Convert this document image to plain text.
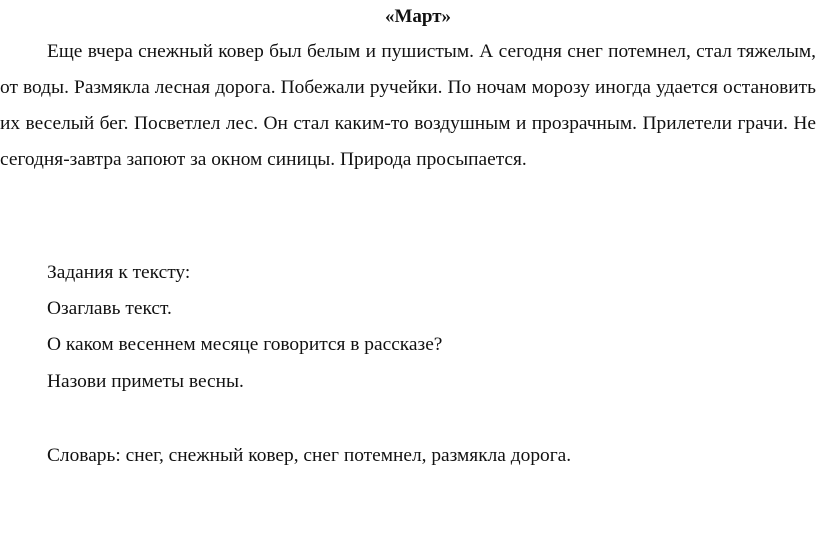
«Март»

Еще вчера снежный ковер был белым и пушистым. А сегодня снег потемнел, стал тяжелым, от воды. Размякла лесная дорога. Побежали ручейки. По ночам морозу иногда удается остановить их веселый бег. Посветлел лес. Он стал каким-то воздушным и прозрачным. Прилетели грачи. Не сегодня-завтра запоют за окном синицы. Природа просыпается.

Задания к тексту:
Озаглавь текст.
О каком весеннем месяце говорится в рассказе?
Назови приметы весны.
Словарь: снег, снежный ковер, снег потемнел, размякла дорога.
